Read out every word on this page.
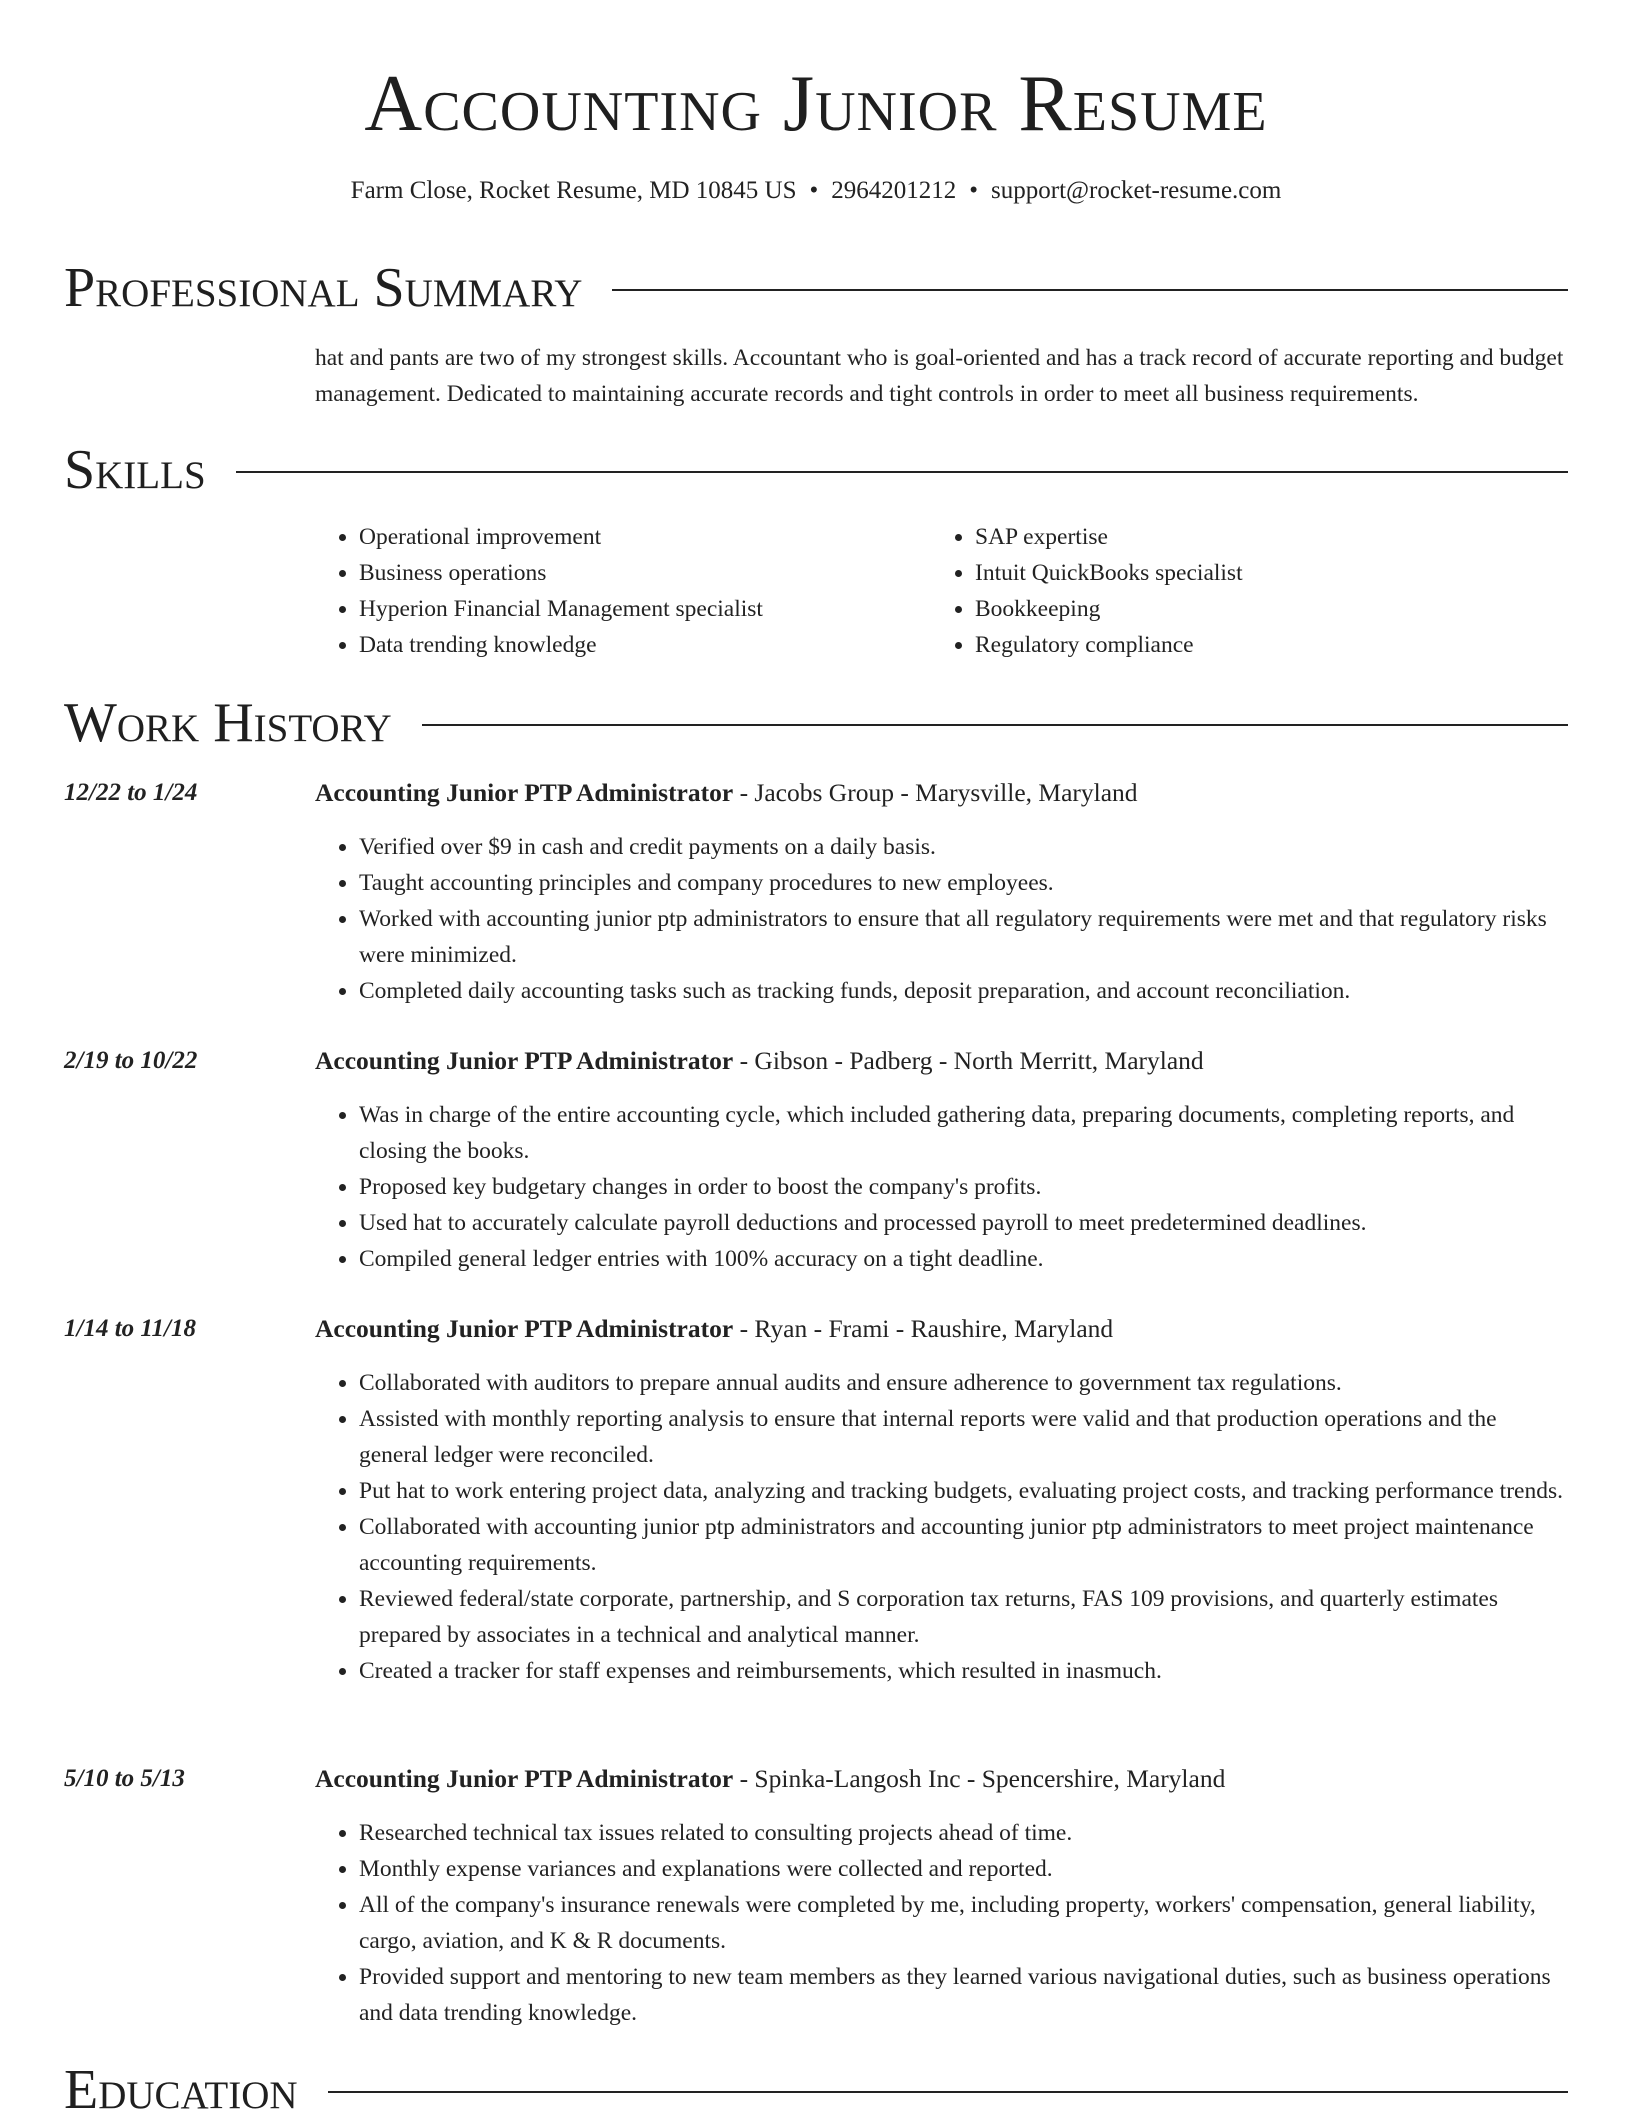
Accounting Junior Resume
Farm Close, Rocket Resume, MD 10845 US • 2964201212 • support@rocket-resume.com
Professional Summary
hat and pants are two of my strongest skills. Accountant who is goal-oriented and has a track record of accurate reporting and budget management. Dedicated to maintaining accurate records and tight controls in order to meet all business requirements.
Skills
• Operational improvement
• Business operations
• Hyperion Financial Management specialist
• Data trending knowledge
• SAP expertise
• Intuit QuickBooks specialist
• Bookkeeping
• Regulatory compliance
Work History
12/22 to 1/24	Accounting Junior PTP Administrator - Jacobs Group - Marysville, Maryland
• Verified over $9 in cash and credit payments on a daily basis.
• Taught accounting principles and company procedures to new employees.
• Worked with accounting junior ptp administrators to ensure that all regulatory requirements were met and that regulatory risks were minimized.
• Completed daily accounting tasks such as tracking funds, deposit preparation, and account reconciliation.
2/19 to 10/22	Accounting Junior PTP Administrator - Gibson - Padberg - North Merritt, Maryland
• Was in charge of the entire accounting cycle, which included gathering data, preparing documents, completing reports, and closing the books.
• Proposed key budgetary changes in order to boost the company's profits.
• Used hat to accurately calculate payroll deductions and processed payroll to meet predetermined deadlines.
• Compiled general ledger entries with 100% accuracy on a tight deadline.
1/14 to 11/18	Accounting Junior PTP Administrator - Ryan - Frami - Raushire, Maryland
• Collaborated with auditors to prepare annual audits and ensure adherence to government tax regulations.
• Assisted with monthly reporting analysis to ensure that internal reports were valid and that production operations and the general ledger were reconciled.
• Put hat to work entering project data, analyzing and tracking budgets, evaluating project costs, and tracking performance trends.
• Collaborated with accounting junior ptp administrators and accounting junior ptp administrators to meet project maintenance accounting requirements.
• Reviewed federal/state corporate, partnership, and S corporation tax returns, FAS 109 provisions, and quarterly estimates prepared by associates in a technical and analytical manner.
• Created a tracker for staff expenses and reimbursements, which resulted in inasmuch.
5/10 to 5/13	Accounting Junior PTP Administrator - Spinka-Langosh Inc - Spencershire, Maryland
• Researched technical tax issues related to consulting projects ahead of time.
• Monthly expense variances and explanations were collected and reported.
• All of the company's insurance renewals were completed by me, including property, workers' compensation, general liability, cargo, aviation, and K & R documents.
• Provided support and mentoring to new team members as they learned various navigational duties, such as business operations and data trending knowledge.
Education
